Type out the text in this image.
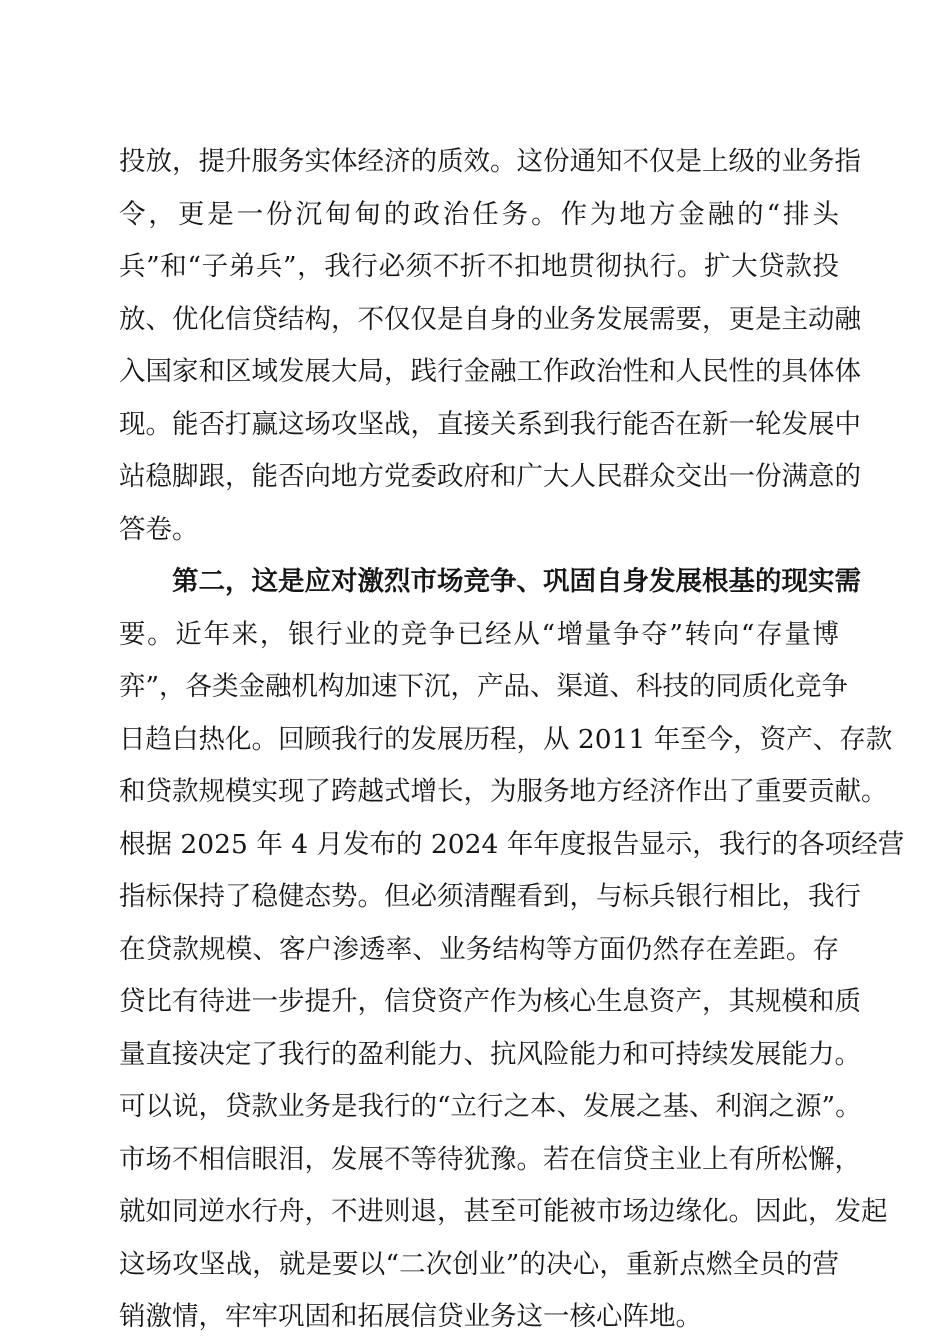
投放，提升服务实体经济的质效。这份通知不仅是上级的业务指
令，更是一份沉甸甸的政治任务。作为地方金融的“排头
兵”和“子弟兵”，我行必须不折不扣地贯彻执行。扩大贷款投
放、优化信贷结构，不仅仅是自身的业务发展需要，更是主动融
入国家和区域发展大局，践行金融工作政治性和人民性的具体体
现。能否打赢这场攻坚战，直接关系到我行能否在新一轮发展中
站稳脚跟，能否向地方党委政府和广大人民群众交出一份满意的
答卷。
第二，这是应对激烈市场竞争、巩固自身发展根基的现实需
要。近年来，银行业的竞争已经从“增量争夺”转向“存量博
弈”，各类金融机构加速下沉，产品、渠道、科技的同质化竞争
日趋白热化。回顾我行的发展历程，从 2011 年至今，资产、存款
和贷款规模实现了跨越式增长，为服务地方经济作出了重要贡献。
根据 2025 年 4 月发布的 2024 年年度报告显示，我行的各项经营
指标保持了稳健态势。但必须清醒看到，与标兵银行相比，我行
在贷款规模、客户渗透率、业务结构等方面仍然存在差距。存
贷比有待进一步提升，信贷资产作为核心生息资产，其规模和质
量直接决定了我行的盈利能力、抗风险能力和可持续发展能力。
可以说，贷款业务是我行的“立行之本、发展之基、利润之源”。
市场不相信眼泪，发展不等待犹豫。若在信贷主业上有所松懈，
就如同逆水行舟，不进则退，甚至可能被市场边缘化。因此，发起
这场攻坚战，就是要以“二次创业”的决心，重新点燃全员的营
销激情，牢牢巩固和拓展信贷业务这一核心阵地。
